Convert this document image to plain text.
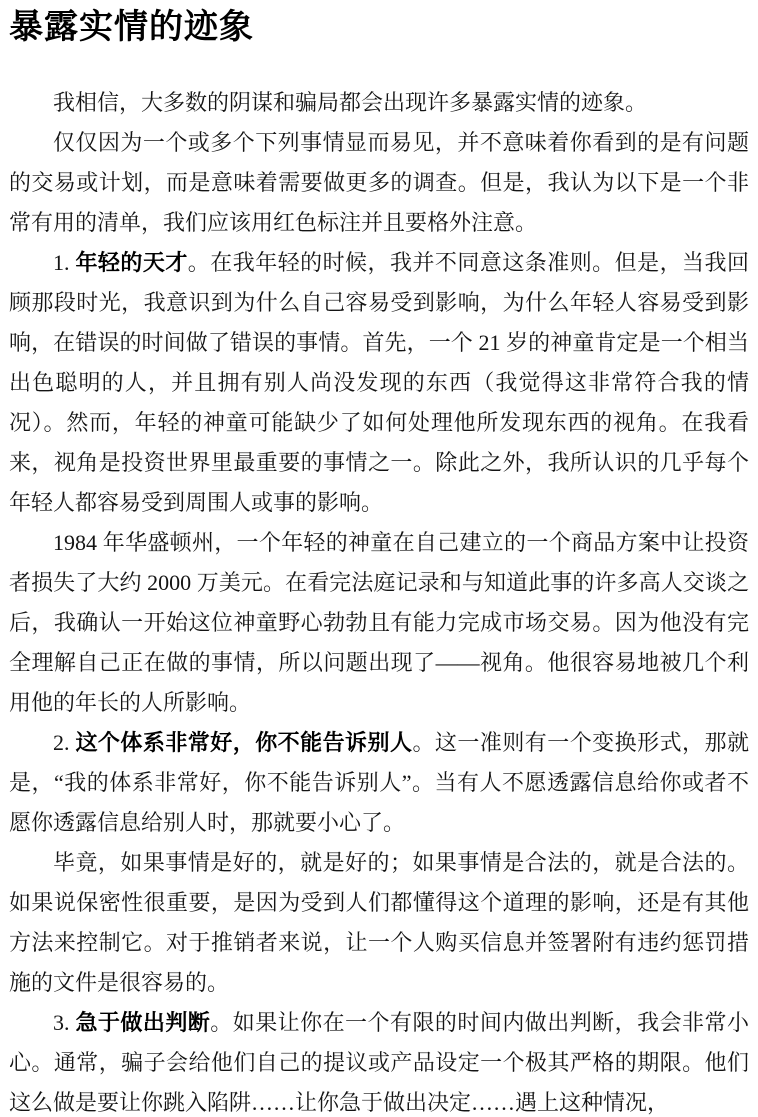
暴露实情的迹象

我相信，大多数的阴谋和骗局都会出现许多暴露实情的迹象。

仅仅因为一个或多个下列事情显而易见，并不意味着你看到的是有问题的交易或计划，而是意味着需要做更多的调查。但是，我认为以下是一个非常有用的清单，我们应该用红色标注并且要格外注意。

1. 年轻的天才。在我年轻的时候，我并不同意这条准则。但是，当我回顾那段时光，我意识到为什么自己容易受到影响，为什么年轻人容易受到影响，在错误的时间做了错误的事情。首先，一个 21 岁的神童肯定是一个相当出色聪明的人，并且拥有别人尚没发现的东西（我觉得这非常符合我的情况）。然而，年轻的神童可能缺少了如何处理他所发现东西的视角。在我看来，视角是投资世界里最重要的事情之一。除此之外，我所认识的几乎每个年轻人都容易受到周围人或事的影响。

1984 年华盛顿州，一个年轻的神童在自己建立的一个商品方案中让投资者损失了大约 2000 万美元。在看完法庭记录和与知道此事的许多高人交谈之后，我确认一开始这位神童野心勃勃且有能力完成市场交易。因为他没有完全理解自己正在做的事情，所以问题出现了——视角。他很容易地被几个利用他的年长的人所影响。

2. 这个体系非常好，你不能告诉别人。这一准则有一个变换形式，那就是，“我的体系非常好，你不能告诉别人”。当有人不愿透露信息给你或者不愿你透露信息给别人时，那就要小心了。

毕竟，如果事情是好的，就是好的；如果事情是合法的，就是合法的。如果说保密性很重要，是因为受到人们都懂得这个道理的影响，还是有其他方法来控制它。对于推销者来说，让一个人购买信息并签署附有违约惩罚措施的文件是很容易的。

3. 急于做出判断。如果让你在一个有限的时间内做出判断，我会非常小心。通常，骗子会给他们自己的提议或产品设定一个极其严格的期限。他们这么做是要让你跳入陷阱……让你急于做出决定……遇上这种情况，
